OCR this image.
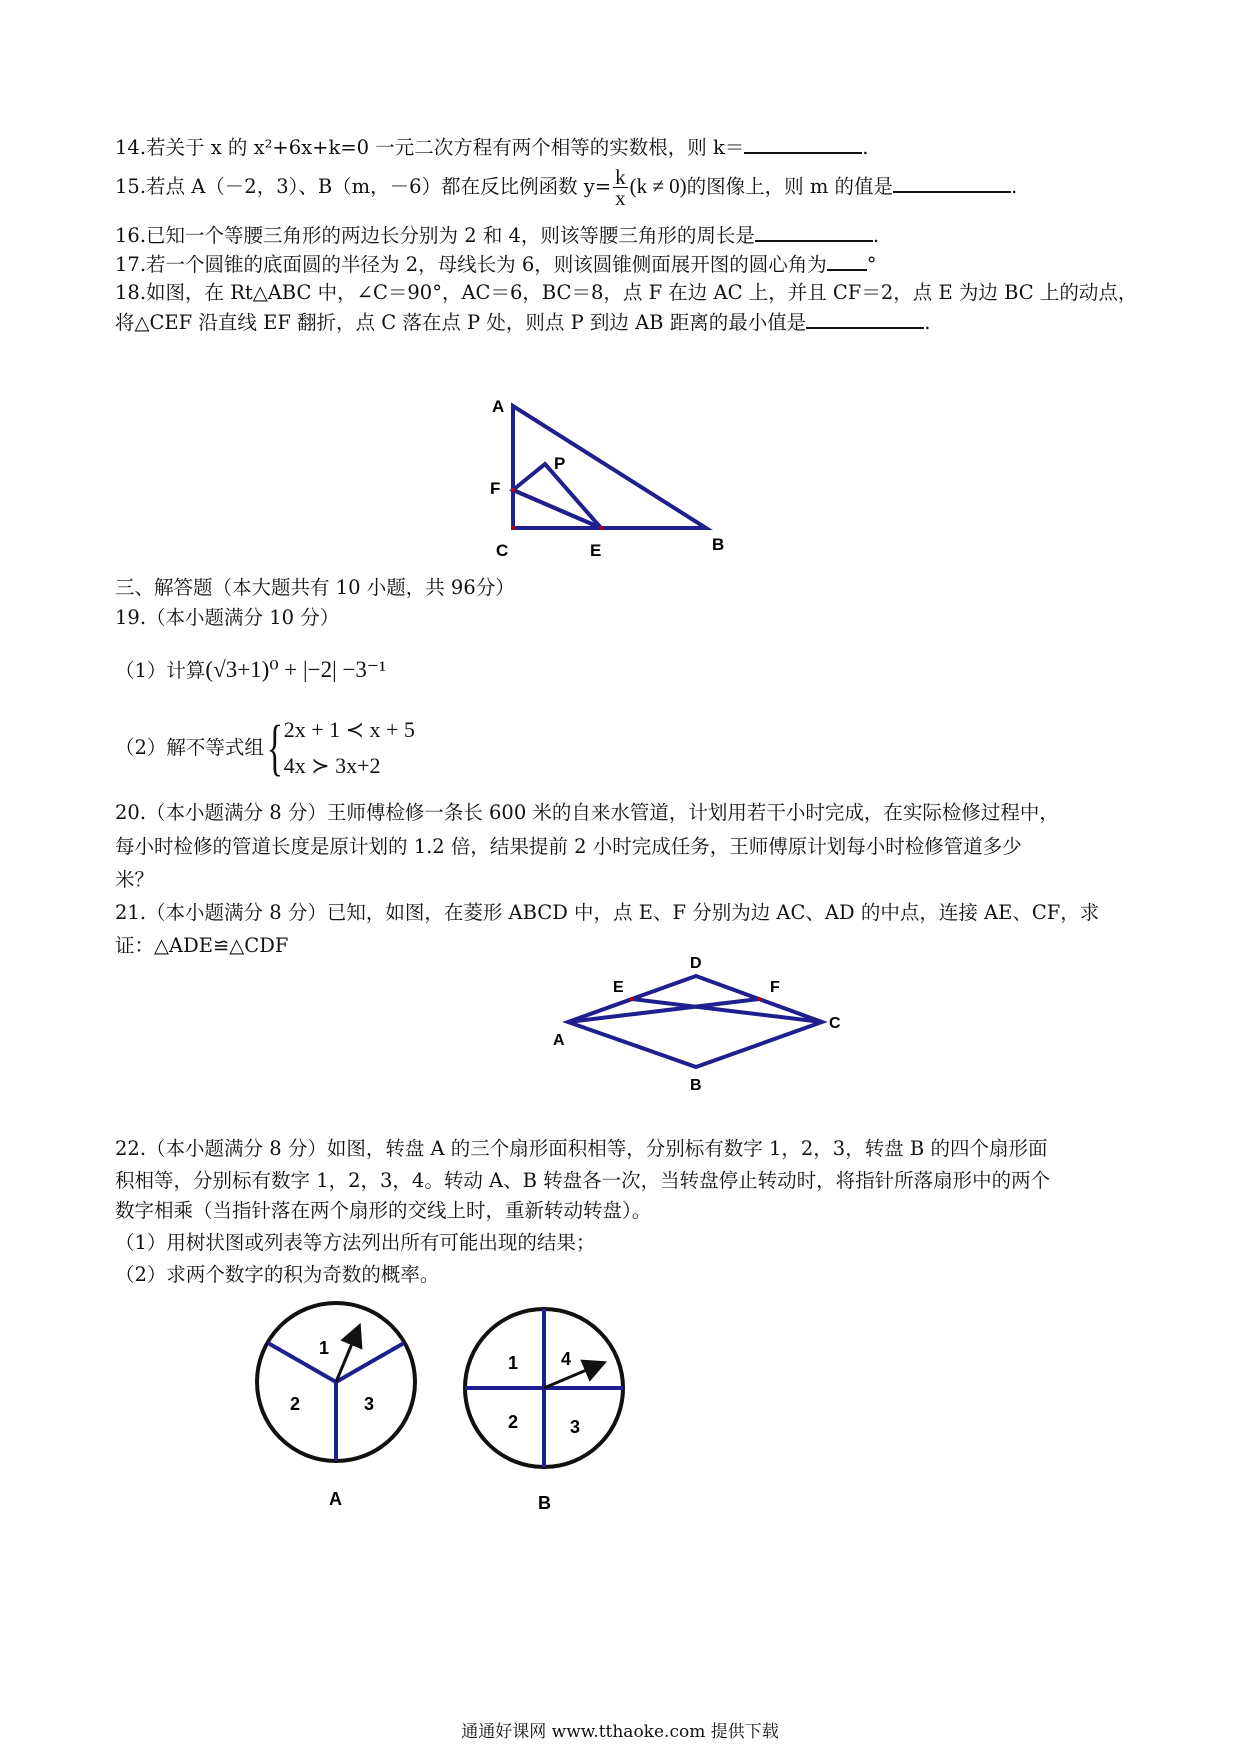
14.若关于 x 的 x²+6x+k=0 一元二次方程有两个相等的实数根，则 k＝	.
15.若点 A（－2，3）、B（m，－6）都在反比例函数 $y= \frac{k}{x} (k \ne 0)$的图像上，则 m 的值是	.
16.已知一个等腰三角形的两边长分别为 2 和 4，则该等腰三角形的周长是	.
17.若一个圆锥的底面圆的半径为 2，母线长为 6，则该圆锥侧面展开图的圆心角为 °
18.如图，在 Rt△ABC 中，∠C＝90°，AC＝6，BC＝8，点 F 在边 AC 上，并且 CF＝2，点 E 为边 BC 上的动点，
将△CEF 沿直线 EF 翻折，点 C 落在点 P 处，则点 P 到边 AB 距离的最小值是	.
A
P
F
C	E	B
三、解答题（本大题共有 10 小题，共 96分）
19.（本小题满分 10 分）
（1）计算(√3+1)⁰ + |−2| −3⁻¹
（2）解不等式组{ 2x + 1 ≺ x + 5
4x ≻ 3x+2
20.（本小题满分 8 分）王师傅检修一条长 600 米的自来水管道，计划用若干小时完成，在实际检修过程中，
每小时检修的管道长度是原计划的 1.2 倍，结果提前 2 小时完成任务，王师傅原计划每小时检修管道多少
米？
21.（本小题满分 8 分）已知，如图，在菱形 ABCD 中，点 E、F 分别为边 AC、AD 的中点，连接 AE、CF，求
证：△ADE≌△CDF
D
E	F
A
C
B
22.（本小题满分 8 分）如图，转盘 A 的三个扇形面积相等，分别标有数字 1，2，3，转盘 B 的四个扇形面
积相等，分别标有数字 1，2，3，4。转动 A、B 转盘各一次，当转盘停止转动时，将指针所落扇形中的两个
数字相乘（当指针落在两个扇形的交线上时，重新转动转盘）。
（1）用树状图或列表等方法列出所有可能出现的结果；
（2）求两个数字的积为奇数的概率。
1
2	3
A
1 4
2	3
B
通通好课网 www.tthaoke.com 提供下载
